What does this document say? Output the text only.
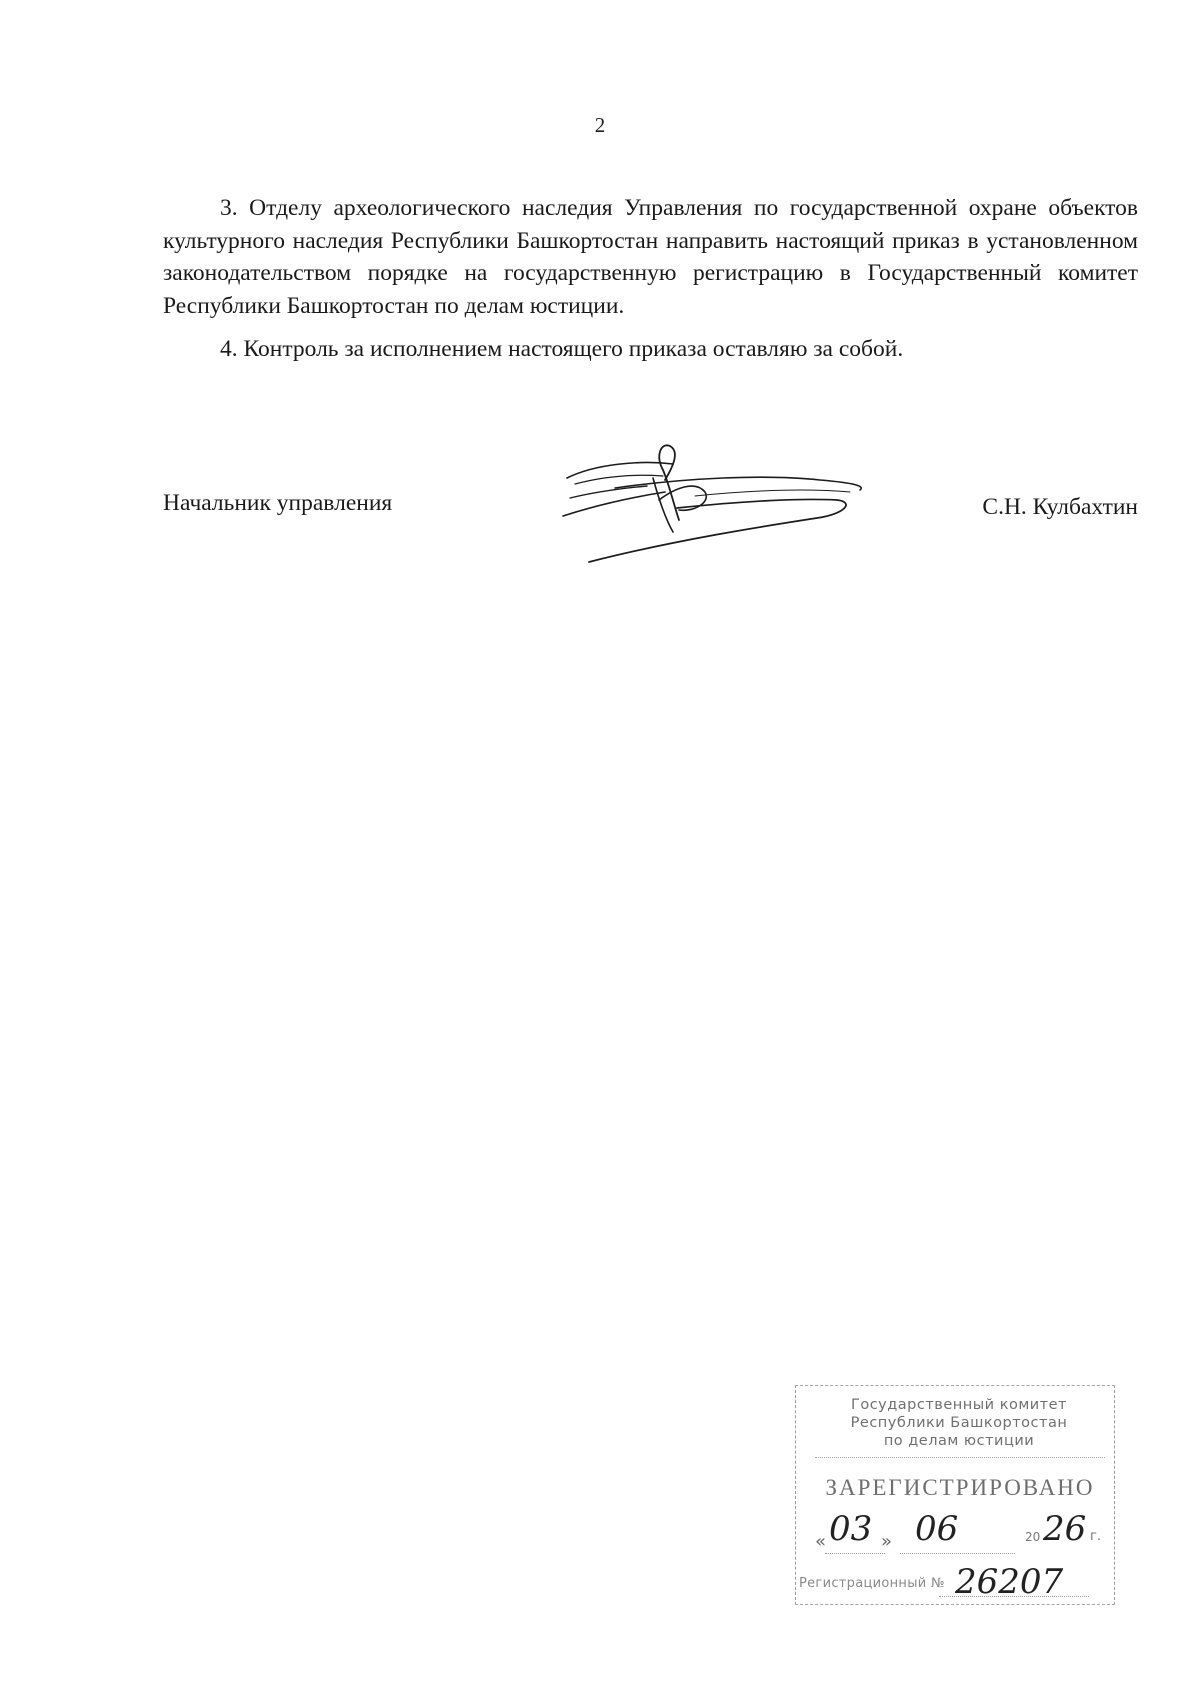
2

3. Отделу археологического наследия Управления по государственной охране объектов культурного наследия Республики Башкортостан направить настоящий приказ в установленном законодательством порядке на государственную регистрацию в Государственный комитет Республики Башкортостан по делам юстиции.

4. Контроль за исполнением настоящего приказа оставляю за собой.

Начальник управления	С.Н. Кулбахтин
Государственный комитет
Республики Башкортостан
по делам юстиции
ЗАРЕГИСТРИРОВАНО
« 03 » 06	20 26 г.
Регистрационный № 26207
